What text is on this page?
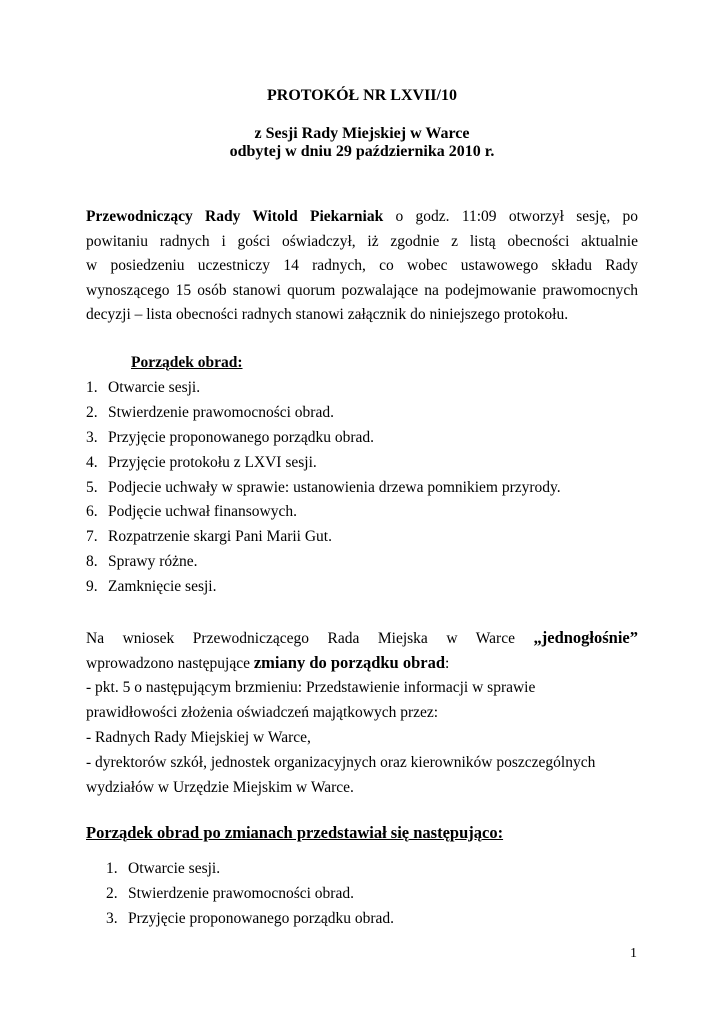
PROTOKÓŁ NR LXVII/10
z Sesji Rady Miejskiej w Warce
odbytej w dniu 29 października 2010 r.
Przewodniczący Rady Witold Piekarniak o godz. 11:09 otworzył sesję, po
powitaniu radnych i gości oświadczył, iż zgodnie z listą obecności aktualnie
w posiedzeniu uczestniczy 14 radnych, co wobec ustawowego składu Rady
wynoszącego 15 osób stanowi quorum pozwalające na podejmowanie prawomocnych
decyzji – lista obecności radnych stanowi załącznik do niniejszego protokołu.
Porządek obrad:
1. Otwarcie sesji.
2. Stwierdzenie prawomocności obrad.
3. Przyjęcie proponowanego porządku obrad.
4. Przyjęcie protokołu z LXVI sesji.
5. Podjecie uchwały w sprawie: ustanowienia drzewa pomnikiem przyrody.
6. Podjęcie uchwał finansowych.
7. Rozpatrzenie skargi Pani Marii Gut.
8. Sprawy różne.
9. Zamknięcie sesji.
Na wniosek Przewodniczącego Rada Miejska w Warce „jednogłośnie”
wprowadzono następujące zmiany do porządku obrad:
- pkt. 5 o następującym brzmieniu: Przedstawienie informacji w sprawie
prawidłowości złożenia oświadczeń majątkowych przez:
- Radnych Rady Miejskiej w Warce,
- dyrektorów szkół, jednostek organizacyjnych oraz kierowników poszczególnych
wydziałów w Urzędzie Miejskim w Warce.
Porządek obrad po zmianach przedstawiał się następująco:
1. Otwarcie sesji.
2. Stwierdzenie prawomocności obrad.
3. Przyjęcie proponowanego porządku obrad.
1
